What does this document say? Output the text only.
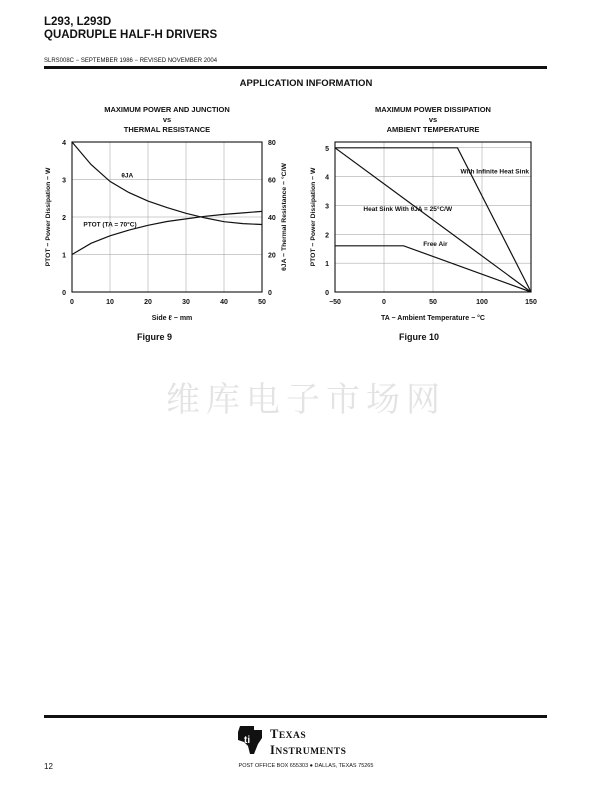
L293, L293D
QUADRUPLE HALF-H DRIVERS
SLRS008C − SEPTEMBER 1986 − REVISED NOVEMBER 2004
APPLICATION INFORMATION
MAXIMUM POWER AND JUNCTION
vs
THERMAL RESISTANCE
0	10	20	30	40	50
0
1
2
3
4
0
20
40
60
80
Side ℓ − mm
PTOT − Power Dissipation − W	θJA − Thermal Resistance − °C/W
θJA
PTOT (TA = 70°C)
Figure 9
MAXIMUM POWER DISSIPATION
vs
AMBIENT TEMPERATURE
−50	0	50	100	150
0
1
2
3
4
5
TA − Ambient Temperature − °C
PTOT − Power Dissipation − W	With Infinite Heat Sink
Heat Sink With θJA = 25°C/W
Free Air
Figure 10
维库电子市场网
12
ti TEXAS
INSTRUMENTS
POST OFFICE BOX 655303 ● DALLAS, TEXAS 75265
